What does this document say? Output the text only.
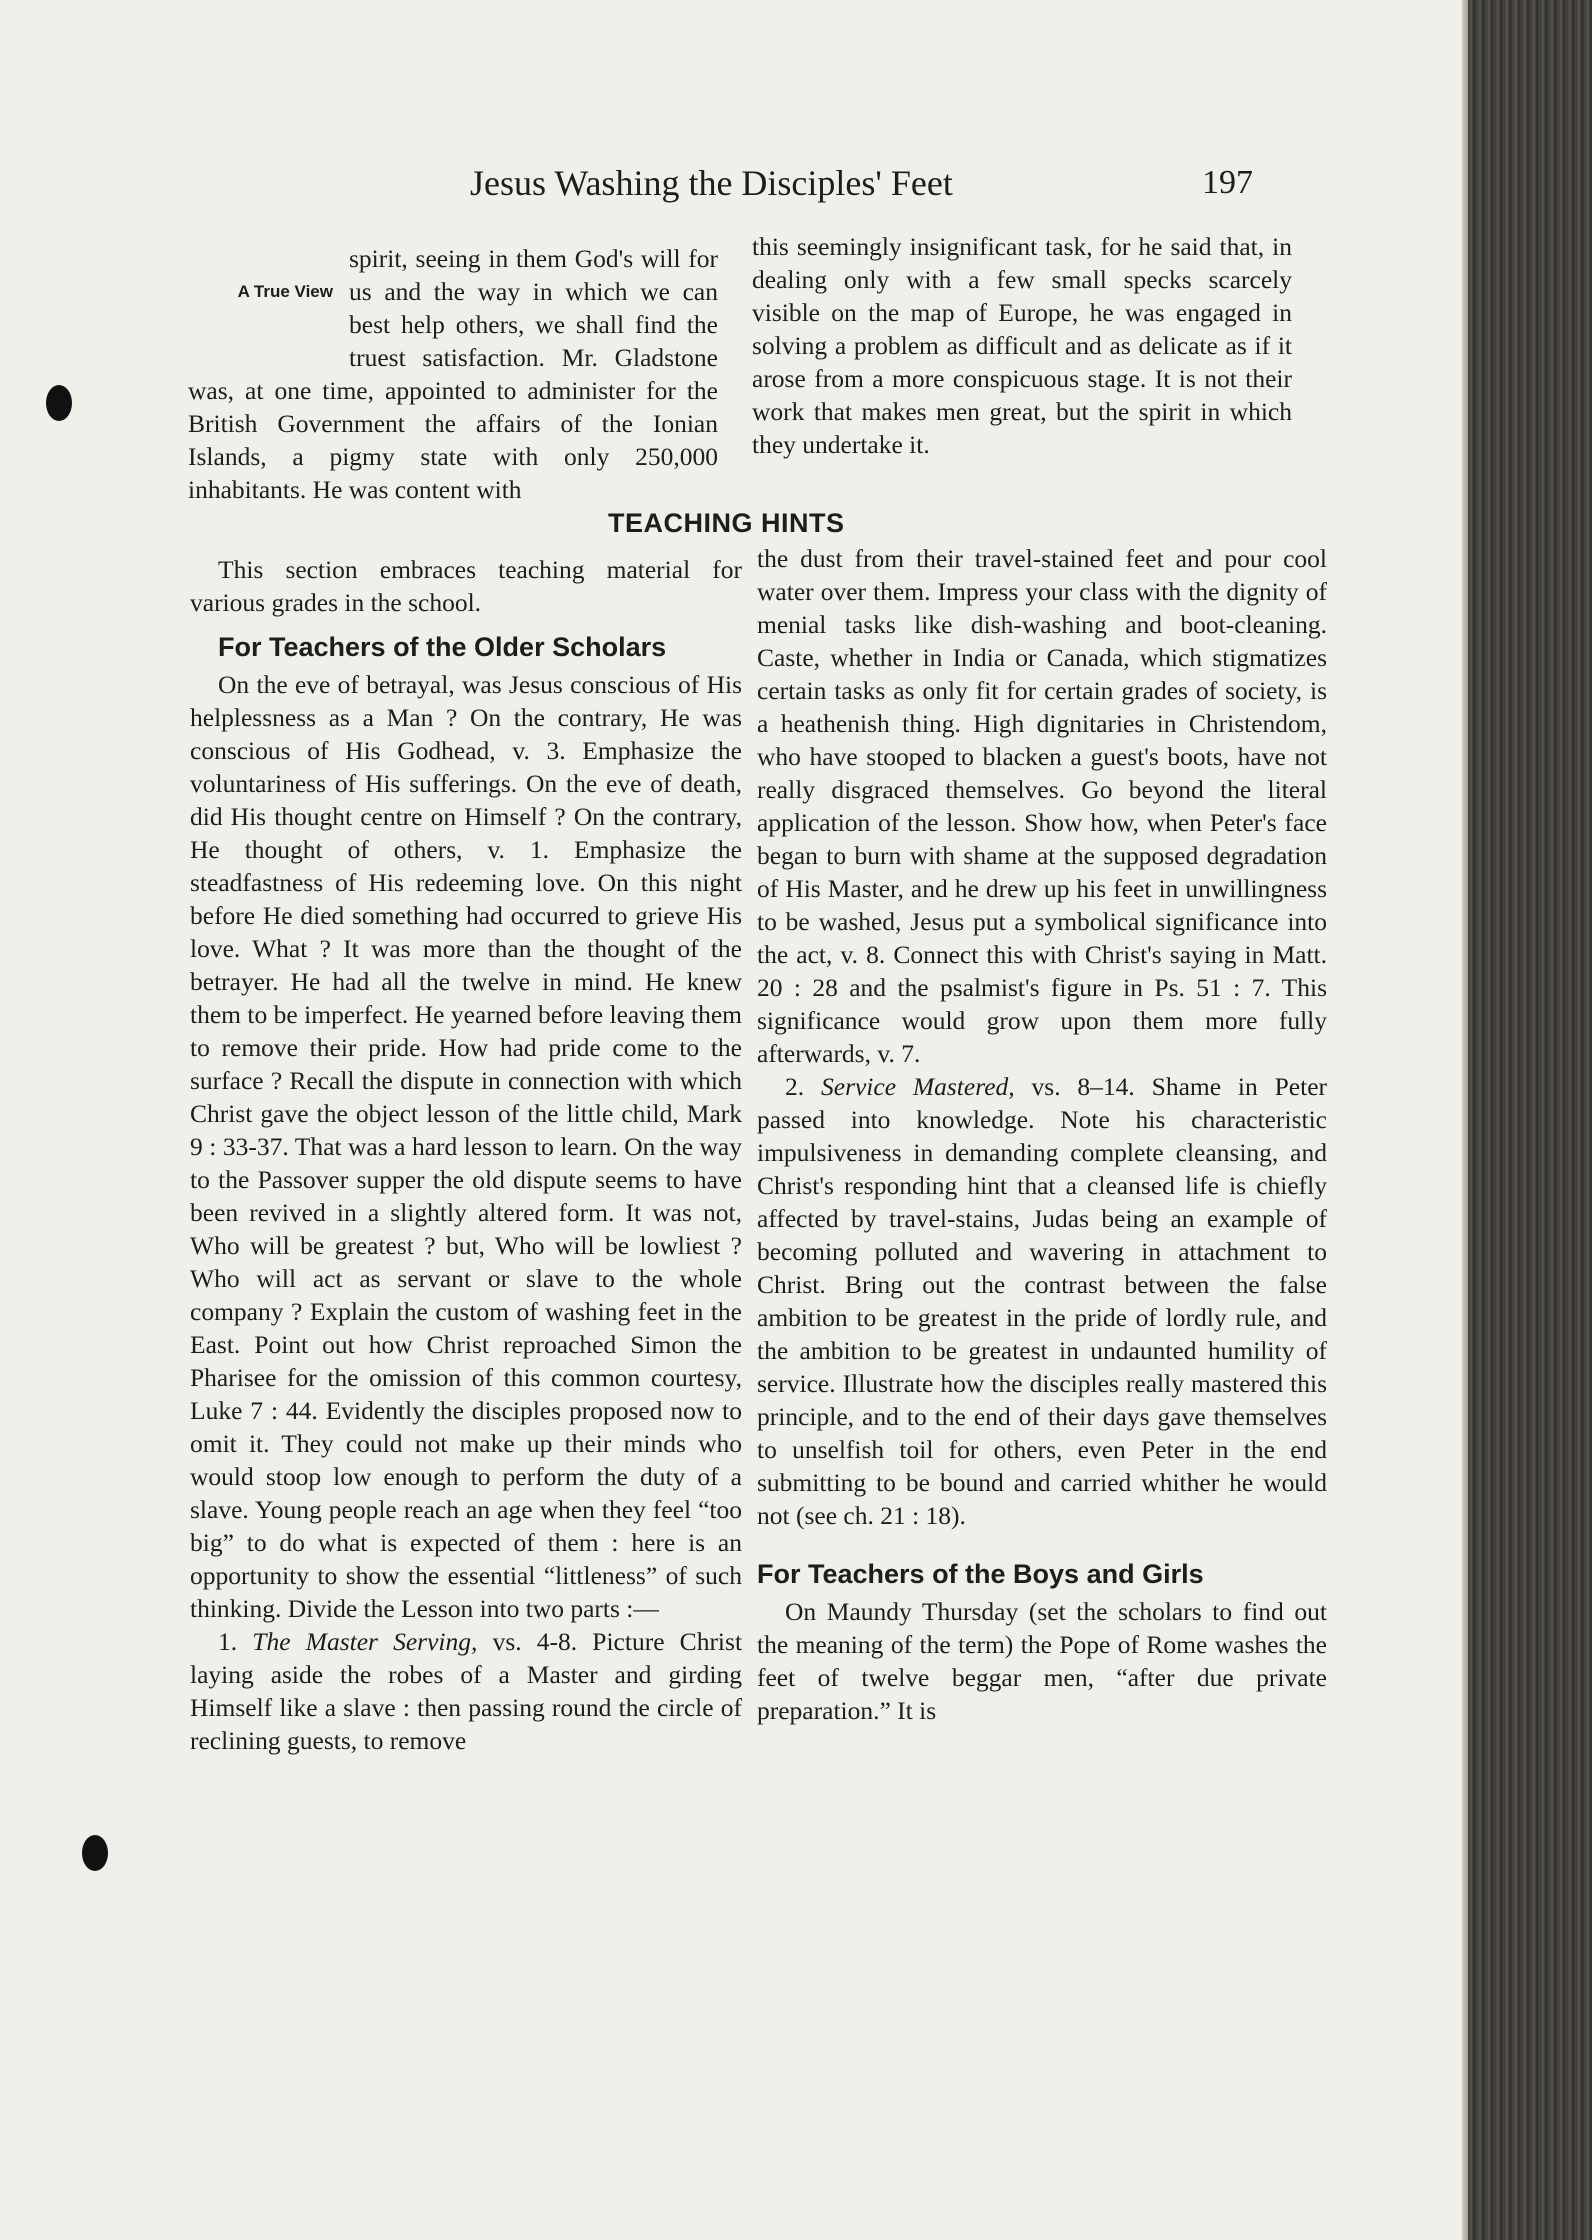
Jesus Washing the Disciples' Feet	197
A True View

spirit, seeing in them God's will for us and the way in which we can best help others, we shall find the truest satisfaction. Mr. Gladstone was, at one time, appointed to administer for the British Government the affairs of the Ionian Islands, a pigmy state with only 250,000 inhabitants. He was content with

this seemingly insignificant task, for he said that, in dealing only with a few small specks scarcely visible on the map of Europe, he was engaged in solving a problem as difficult and as delicate as if it arose from a more conspicuous stage. It is not their work that makes men great, but the spirit in which they undertake it.

TEACHING HINTS

This section embraces teaching material for various grades in the school.

For Teachers of the Older Scholars

On the eve of betrayal, was Jesus conscious of His helplessness as a Man ? On the contrary, He was conscious of His Godhead, v. 3. Emphasize the voluntariness of His sufferings. On the eve of death, did His thought centre on Himself ? On the contrary, He thought of others, v. 1. Emphasize the steadfastness of His redeeming love. On this night before He died something had occurred to grieve His love. What ? It was more than the thought of the betrayer. He had all the twelve in mind. He knew them to be imperfect. He yearned before leaving them to remove their pride. How had pride come to the surface ? Recall the dispute in connection with which Christ gave the object lesson of the little child, Mark 9 : 33-37. That was a hard lesson to learn. On the way to the Passover supper the old dispute seems to have been revived in a slightly altered form. It was not, Who will be greatest ? but, Who will be lowliest ? Who will act as servant or slave to the whole company ? Explain the custom of washing feet in the East. Point out how Christ reproached Simon the Pharisee for the omission of this common courtesy, Luke 7 : 44. Evidently the disciples proposed now to omit it. They could not make up their minds who would stoop low enough to perform the duty of a slave. Young people reach an age when they feel “too big” to do what is expected of them : here is an opportunity to show the essential “littleness” of such thinking. Divide the Lesson into two parts :—

1. The Master Serving, vs. 4-8. Picture Christ laying aside the robes of a Master and girding Himself like a slave : then passing round the circle of reclining guests, to remove

the dust from their travel-stained feet and pour cool water over them. Impress your class with the dignity of menial tasks like dish-washing and boot-cleaning. Caste, whether in India or Canada, which stigmatizes certain tasks as only fit for certain grades of society, is a heathenish thing. High dignitaries in Christendom, who have stooped to blacken a guest's boots, have not really disgraced themselves. Go beyond the literal application of the lesson. Show how, when Peter's face began to burn with shame at the supposed degradation of His Master, and he drew up his feet in unwillingness to be washed, Jesus put a symbolical significance into the act, v. 8. Connect this with Christ's saying in Matt. 20 : 28 and the psalmist's figure in Ps. 51 : 7. This significance would grow upon them more fully afterwards, v. 7.

2. Service Mastered, vs. 8–14. Shame in Peter passed into knowledge. Note his characteristic impulsiveness in demanding complete cleansing, and Christ's responding hint that a cleansed life is chiefly affected by travel-stains, Judas being an example of becoming polluted and wavering in attachment to Christ. Bring out the contrast between the false ambition to be greatest in the pride of lordly rule, and the ambition to be greatest in undaunted humility of service. Illustrate how the disciples really mastered this principle, and to the end of their days gave themselves to unselfish toil for others, even Peter in the end submitting to be bound and carried whither he would not (see ch. 21 : 18).

For Teachers of the Boys and Girls

On Maundy Thursday (set the scholars to find out the meaning of the term) the Pope of Rome washes the feet of twelve beggar men, “after due private preparation.” It is
